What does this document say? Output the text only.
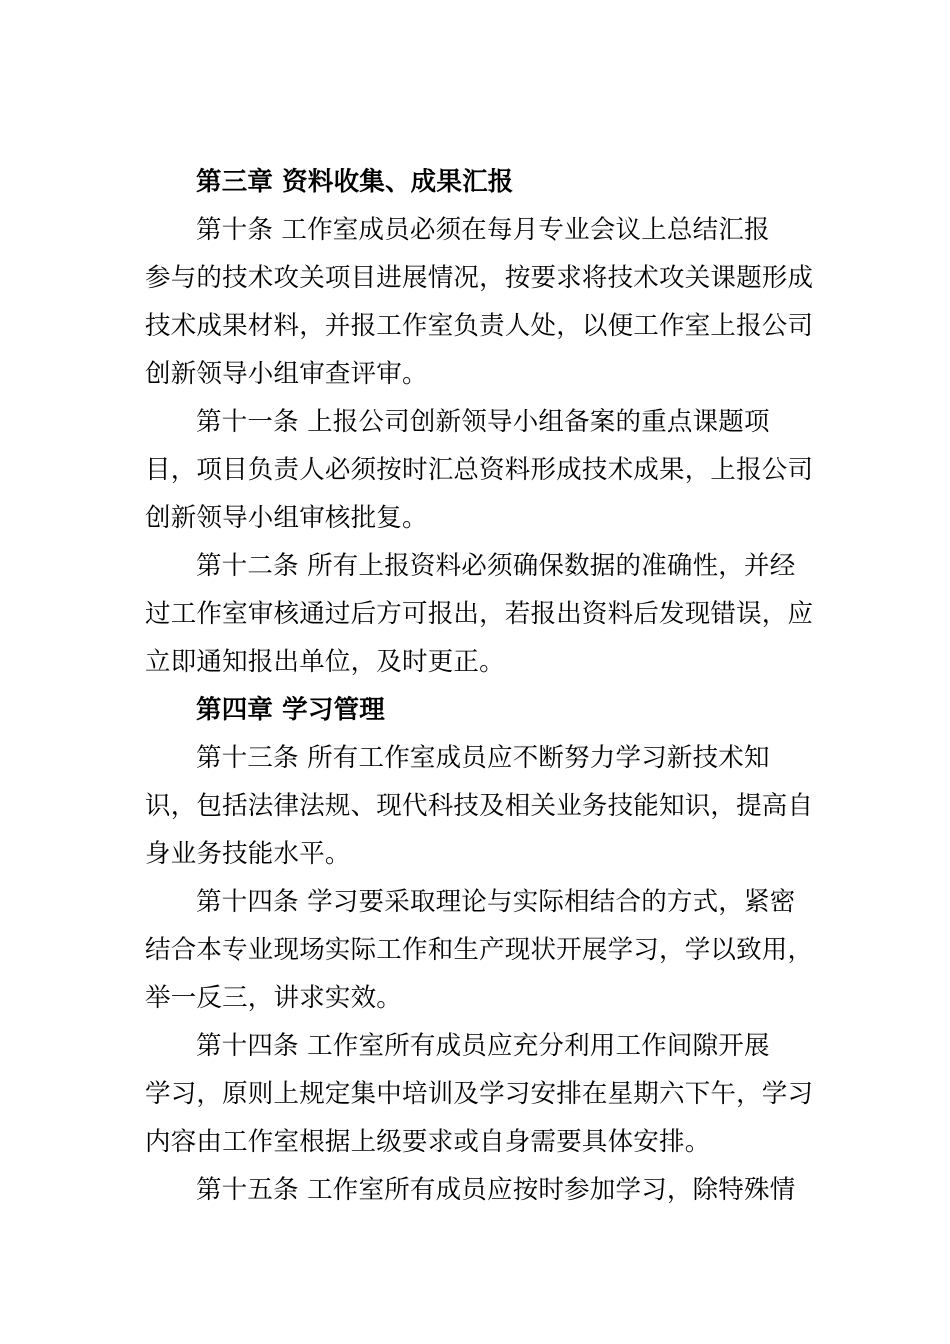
第三章 资料收集、成果汇报
第十条 工作室成员必须在每月专业会议上总结汇报
参与的技术攻关项目进展情况，按要求将技术攻关课题形成
技术成果材料，并报工作室负责人处，以便工作室上报公司
创新领导小组审查评审。
第十一条 上报公司创新领导小组备案的重点课题项
目，项目负责人必须按时汇总资料形成技术成果，上报公司
创新领导小组审核批复。
第十二条 所有上报资料必须确保数据的准确性，并经
过工作室审核通过后方可报出，若报出资料后发现错误，应
立即通知报出单位，及时更正。
第四章 学习管理
第十三条 所有工作室成员应不断努力学习新技术知
识，包括法律法规、现代科技及相关业务技能知识，提高自
身业务技能水平。
第十四条 学习要采取理论与实际相结合的方式，紧密
结合本专业现场实际工作和生产现状开展学习，学以致用，
举一反三，讲求实效。
第十四条 工作室所有成员应充分利用工作间隙开展
学习，原则上规定集中培训及学习安排在星期六下午，学习
内容由工作室根据上级要求或自身需要具体安排。
第十五条 工作室所有成员应按时参加学习，除特殊情
